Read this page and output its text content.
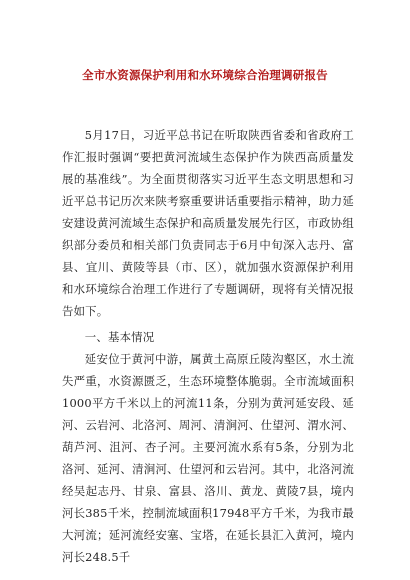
全市水资源保护利用和水环境综合治理调研报告

5月17日，习近平总书记在听取陕西省委和省政府工作汇报时强调“要把黄河流域生态保护作为陕西高质量发展的基准线”。为全面贯彻落实习近平生态文明思想和习近平总书记历次来陕考察重要讲话重要指示精神，助力延安建设黄河流域生态保护和高质量发展先行区，市政协组织部分委员和相关部门负责同志于6月中旬深入志丹、富县、宜川、黄陵等县（市、区），就加强水资源保护利用和水环境综合治理工作进行了专题调研，现将有关情况报告如下。

一、基本情况

延安位于黄河中游，属黄土高原丘陵沟壑区，水土流失严重，水资源匮乏，生态环境整体脆弱。全市流域面积1000平方千米以上的河流11条，分别为黄河延安段、延河、云岩河、北洛河、周河、清涧河、仕望河、渭水河、葫芦河、沮河、杏子河。主要河流水系有5条，分别为北洛河、延河、清涧河、仕望河和云岩河。其中，北洛河流经吴起志丹、甘泉、富县、洛川、黄龙、黄陵7县，境内河长385千米，控制流域面积17948平方千米，为我市最大河流；延河流经安塞、宝塔，在延长县汇入黄河，境内河长248.5千
